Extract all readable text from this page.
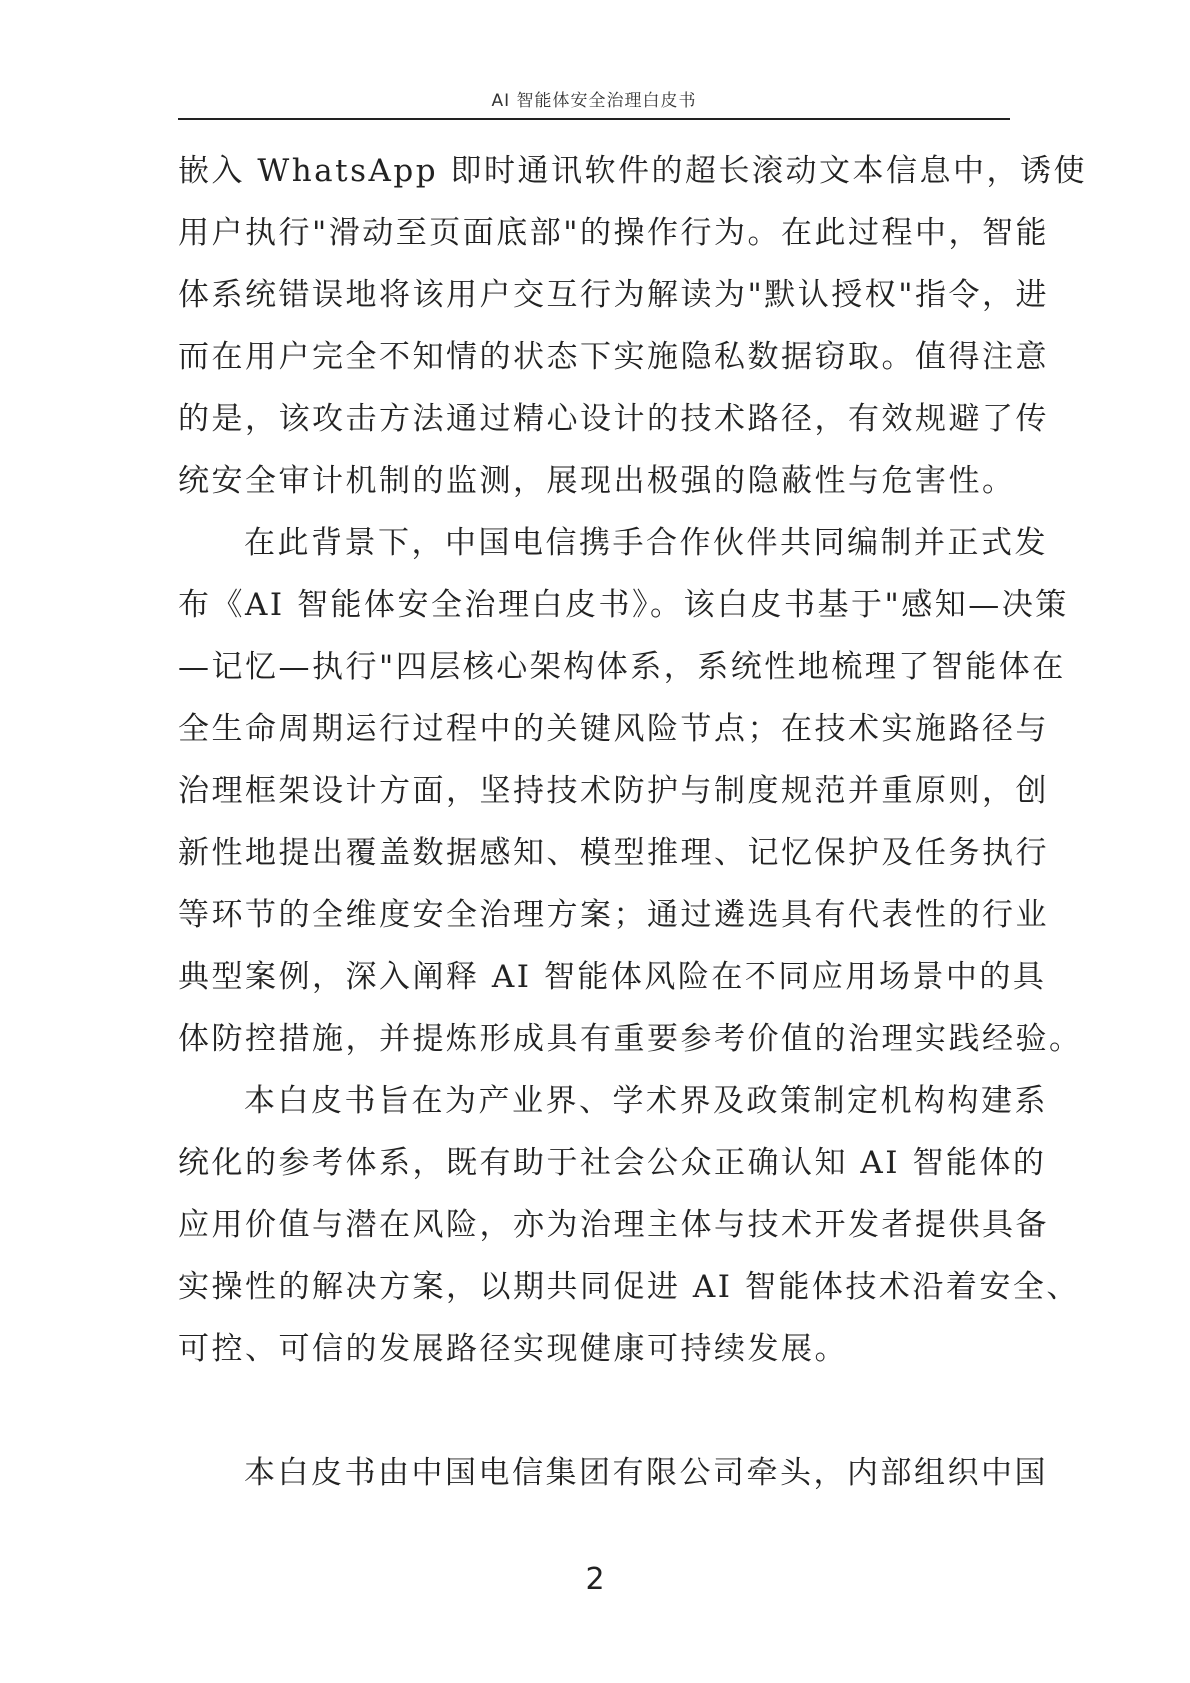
AI 智能体安全治理白皮书

嵌入 WhatsApp 即时通讯软件的超长滚动文本信息中，诱使
用户执行"滑动至页面底部"的操作行为。在此过程中，智能
体系统错误地将该用户交互行为解读为"默认授权"指令，进
而在用户完全不知情的状态下实施隐私数据窃取。值得注意
的是，该攻击方法通过精心设计的技术路径，有效规避了传
统安全审计机制的监测，展现出极强的隐蔽性与危害性。

在此背景下，中国电信携手合作伙伴共同编制并正式发
布《AI 智能体安全治理白皮书》。该白皮书基于"感知—决策
—记忆—执行"四层核心架构体系，系统性地梳理了智能体在
全生命周期运行过程中的关键风险节点；在技术实施路径与
治理框架设计方面，坚持技术防护与制度规范并重原则，创
新性地提出覆盖数据感知、模型推理、记忆保护及任务执行
等环节的全维度安全治理方案；通过遴选具有代表性的行业
典型案例，深入阐释 AI 智能体风险在不同应用场景中的具
体防控措施，并提炼形成具有重要参考价值的治理实践经验。

本白皮书旨在为产业界、学术界及政策制定机构构建系
统化的参考体系，既有助于社会公众正确认知 AI 智能体的
应用价值与潜在风险，亦为治理主体与技术开发者提供具备
实操性的解决方案，以期共同促进 AI 智能体技术沿着安全、
可控、可信的发展路径实现健康可持续发展。

本白皮书由中国电信集团有限公司牵头，内部组织中国

2
